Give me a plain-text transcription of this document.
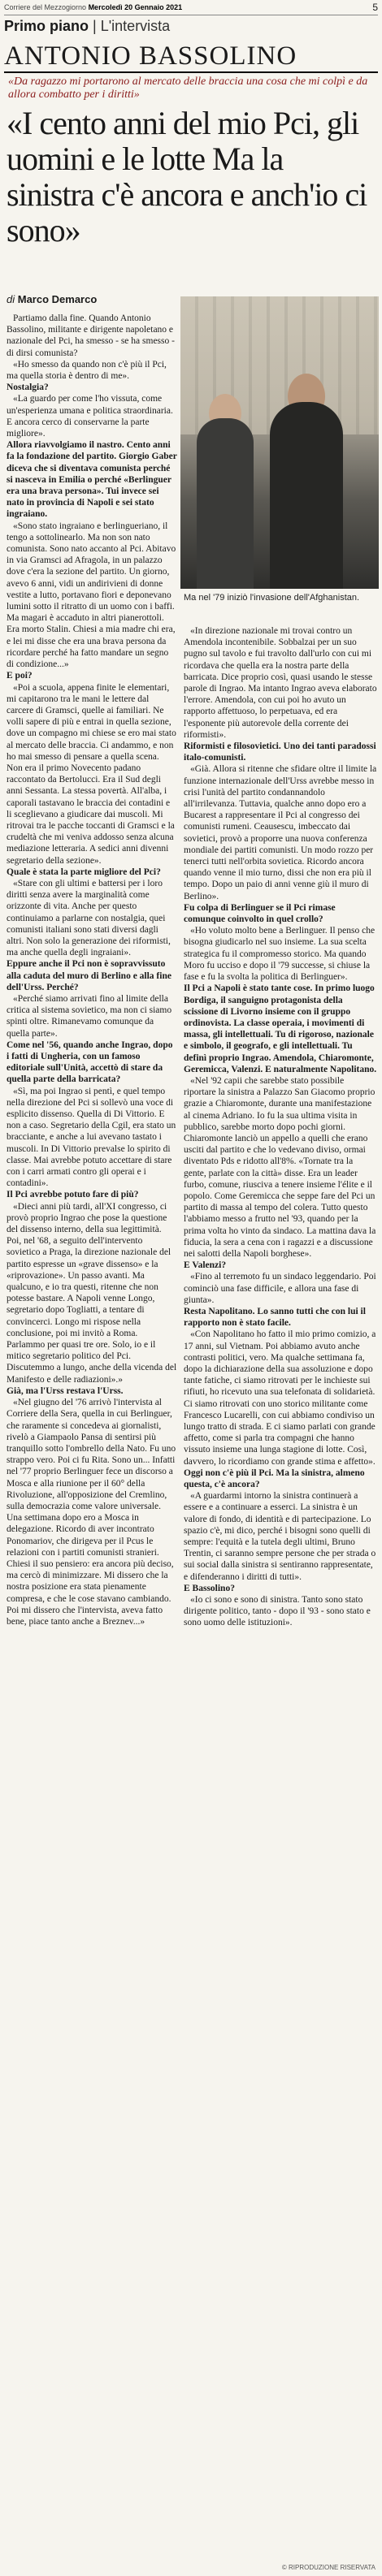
Corriere del Mezzogiorno Mercoledì 20 Gennaio 2021	5
Primo piano | L'intervista
ANTONIO BASSOLINO
«Da ragazzo mi portarono al mercato delle braccia una cosa che mi colpì e da allora combatto per i diritti»
«I cento anni del mio Pci, gli uomini e le lotte Ma la sinistra c'è ancora e anch'io ci sono»
di Marco Demarco
Ma nel '79 iniziò l'invasione dell'Afghanistan.

Partiamo dalla fine. Quando Antonio Bassolino, militante e dirigente napoletano e nazionale del Pci, ha smesso - se ha smesso - di dirsi comunista?

«Ho smesso da quando non c'è più il Pci, ma quella storia è dentro di me».

Nostalgia?

«La guardo per come l'ho vissuta, come un'esperienza umana e politica straordinaria. E ancora cerco di conservarne la parte migliore».

Allora riavvolgiamo il nastro. Cento anni fa la fondazione del partito. Giorgio Gaber diceva che si diventava comunista perché si nasceva in Emilia o perché «Berlinguer era una brava persona». Tui invece sei nato in provincia di Napoli e sei stato ingraiano.

«Sono stato ingraiano e berlingueriano, il tengo a sottolinearlo. Ma non son nato comunista. Sono nato accanto al Pci. Abitavo in via Gramsci ad Afragola, in un palazzo dove c'era la sezione del partito. Un giorno, avevo 6 anni, vidi un andirivieni di donne vestite a lutto, portavano fiori e deponevano lumini sotto il ritratto di un uomo con i baffi. Ma magari è accaduto in altri pianerottoli. Era morto Stalin. Chiesi a mia madre chi era, e lei mi disse che era una brava persona da ricordare perché ha fatto mandare un segno di condizione...»

E poi?

«Poi a scuola, appena finite le elementari, mi capitarono tra le mani le lettere dal carcere di Gramsci, quelle ai familiari. Ne volli sapere di più e entrai in quella sezione, dove un compagno mi chiese se ero mai stato al mercato delle braccia. Ci andammo, e non ho mai smesso di pensare a quella scena. Non era il primo Novecento padano raccontato da Bertolucci. Era il Sud degli anni Sessanta. La stessa povertà. All'alba, i caporali tastavano le braccia dei contadini e li sceglievano a giudicare dai muscoli. Mi ritrovai tra le pacche toccanti di Gramsci e la crudeltà che mi veniva addosso senza alcuna mediazione letteraria. A sedici anni divenni segretario della sezione».

Quale è stata la parte migliore del Pci?

«Stare con gli ultimi e battersi per i loro diritti senza avere la marginalità come orizzonte di vita. Anche per questo continuiamo a parlarne con nostalgia, quei comunisti italiani sono stati diversi dagli altri. Non solo la generazione dei riformisti, ma anche quella degli ingraiani».

Eppure anche il Pci non è sopravvissuto alla caduta del muro di Berlino e alla fine dell'Urss. Perché?

«Perché siamo arrivati fino al limite della critica al sistema sovietico, ma non ci siamo spinti oltre. Rimanevamo comunque da quella parte».

Come nel '56, quando anche Ingrao, dopo i fatti di Ungheria, con un famoso editoriale sull'Unità, accettò di stare da quella parte della barricata?

«Sì, ma poi Ingrao si pentì, e quel tempo nella direzione del Pci si sollevò una voce di esplicito dissenso. Quella di Di Vittorio. E non a caso. Segretario della Cgil, era stato un bracciante, e anche a lui avevano tastato i muscoli. In Di Vittorio prevalse lo spirito di classe. Mai avrebbe potuto accettare di stare con i carri armati contro gli operai e i contadini».

Il Pci avrebbe potuto fare di più?

«Dieci anni più tardi, all'XI congresso, ci provò proprio Ingrao che pose la questione del dissenso interno, della sua legittimità. Poi, nel '68, a seguito dell'intervento sovietico a Praga, la direzione nazionale del partito espresse un «grave dissenso» e la «riprovazione». Un passo avanti. Ma qualcuno, e io tra questi, ritenne che non potesse bastare. A Napoli venne Longo, segretario dopo Togliatti, a tentare di convincerci. Longo mi rispose nella conclusione, poi mi invitò a Roma. Parlammo per quasi tre ore. Solo, io e il mitico segretario politico del Pci. Discutemmo a lungo, anche della vicenda del Manifesto e delle radiazioni».»

Già, ma l'Urss restava l'Urss.

«Nel giugno del '76 arrivò l'intervista al Corriere della Sera, quella in cui Berlinguer, che raramente si concedeva ai giornalisti, rivelò a Giampaolo Pansa di sentirsi più tranquillo sotto l'ombrello della Nato. Fu uno strappo vero. Poi ci fu Rita. Sono un... Infatti nel '77 proprio Berlinguer fece un discorso a Mosca e alla riunione per il 60° della Rivoluzione, all'opposizione del Cremlino, sulla democrazia come valore universale. Una settimana dopo ero a Mosca in delegazione. Ricordo di aver incontrato Ponomariov, che dirigeva per il Pcus le relazioni con i partiti comunisti stranieri. Chiesi il suo pensiero: era ancora più deciso, ma cercò di minimizzare. Mi dissero che la nostra posizione era stata pienamente compresa, e che le cose stavano cambiando. Poi mi dissero che l'intervista, aveva fatto bene, piace tanto anche a Breznev...»

«In direzione nazionale mi trovai contro un Amendola incontenibile. Sobbalzai per un suo pugno sul tavolo e fui travolto dall'urlo con cui mi ricordava che quella era la nostra parte della barricata. Dice proprio così, quasi usando le stesse parole di Ingrao. Ma intanto Ingrao aveva elaborato l'errore. Amendola, con cui poi ho avuto un rapporto affettuoso, lo perpetuava, ed era l'esponente più autorevole della corrente dei riformisti».

Riformisti e filosovietici. Uno dei tanti paradossi italo-comunisti.

«Già. Allora si ritenne che sfidare oltre il limite la funzione internazionale dell'Urss avrebbe messo in crisi l'unità del partito condannandolo all'irrilevanza. Tuttavia, qualche anno dopo ero a Bucarest a rappresentare il Pci al congresso dei comunisti rumeni. Ceausescu, imbeccato dai sovietici, provò a proporre una nuova conferenza mondiale dei partiti comunisti. Un modo rozzo per tenerci tutti nell'orbita sovietica. Ricordo ancora quando venne il mio turno, dissi che non era più il tempo. Dopo un paio di anni venne giù il muro di Berlino».

Fu colpa di Berlinguer se il Pci rimase comunque coinvolto in quel crollo?

«Ho voluto molto bene a Berlinguer. Il penso che bisogna giudicarlo nel suo insieme. La sua scelta strategica fu il compromesso storico. Ma quando Moro fu ucciso e dopo il '79 successe, si chiuse la fase e fu la svolta la politica di Berlinguer».

Il Pci a Napoli è stato tante cose. In primo luogo Bordiga, il sanguigno protagonista della scissione di Livorno insieme con il gruppo ordinovista. La classe operaia, i movimenti di massa, gli intellettuali. Tu di rigoroso, nazionale e simbolo, il geografo, e gli intellettuali. Tu definì proprio Ingrao. Amendola, Chiaromonte, Geremicca, Valenzi. E naturalmente Napolitano.

«Nel '92 capii che sarebbe stato possibile riportare la sinistra a Palazzo San Giacomo proprio grazie a Chiaromonte, durante una manifestazione al cinema Adriano. Io fu la sua ultima visita in pubblico, sarebbe morto dopo pochi giorni. Chiaromonte lanciò un appello a quelli che erano usciti dal partito e che lo vedevano diviso, ormai diventato Pds e ridotto all'8%. «Tornate tra la gente, parlate con la città» disse. Era un leader furbo, comune, riusciva a tenere insieme l'élite e il popolo. Come Geremicca che seppe fare del Pci un partito di massa al tempo del colera. Tutto questo l'abbiamo messo a frutto nel '93, quando per la prima volta ho vinto da sindaco. La mattina dava la fiducia, la sera a cena con i ragazzi e a discussione nei salotti della Napoli borghese».

E Valenzi?

«Fino al terremoto fu un sindaco leggendario. Poi cominciò una fase difficile, e allora una fase di giunta».

Resta Napolitano. Lo sanno tutti che con lui il rapporto non è stato facile.

«Con Napolitano ho fatto il mio primo comizio, a 17 anni, sul Vietnam. Poi abbiamo avuto anche contrasti politici, vero. Ma qualche settimana fa, dopo la dichiarazione della sua assoluzione e dopo tante fatiche, ci siamo ritrovati per le inchieste sui rifiuti, ho ricevuto una sua telefonata di solidarietà. Ci siamo ritrovati con uno storico militante come Francesco Lucarelli, con cui abbiamo condiviso un lungo tratto di strada. E ci siamo parlati con grande affetto, come si parla tra compagni che hanno vissuto insieme una lunga stagione di lotte. Così, davvero, lo ricordiamo con grande stima e affetto».

Oggi non c'è più il Pci. Ma la sinistra, almeno questa, c'è ancora?

«A guardarmi intorno la sinistra continuerà a essere e a continuare a esserci. La sinistra è un valore di fondo, di identità e di partecipazione. Lo spazio c'è, mi dico, perché i bisogni sono quelli di sempre: l'equità e la tutela degli ultimi, Bruno Trentin, ci saranno sempre persone che per strada o sui social dalla sinistra si sentiranno rappresentate, e difenderanno i diritti di tutti».

E Bassolino?

«Io ci sono e sono di sinistra. Tanto sono stato dirigente politico, tanto - dopo il '93 - sono stato e sono uomo delle istituzioni».

© RIPRODUZIONE RISERVATA
